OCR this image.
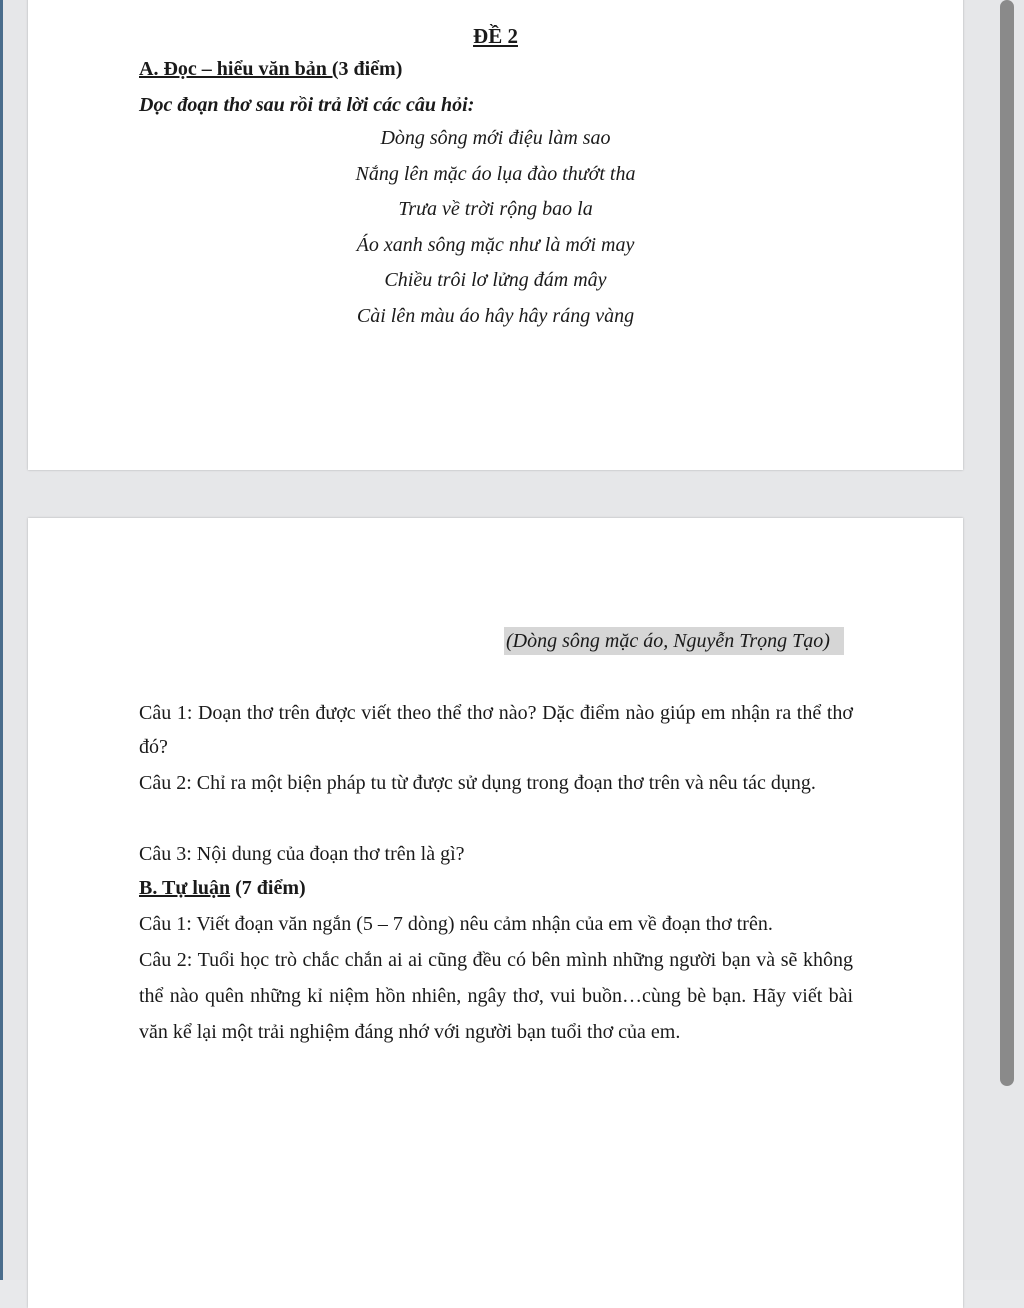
ĐỀ 2
A. Đọc – hiểu văn bản (3 điểm)
Dọc đoạn thơ sau rồi trả lời các câu hỏi:
Dòng sông mới điệu làm sao
Nắng lên mặc áo lụa đào thướt tha
Trưa về trời rộng bao la
Áo xanh sông mặc như là mới may
Chiều trôi lơ lửng đám mây
Cài lên màu áo hây hây ráng vàng
(Dòng sông mặc áo, Nguyễn Trọng Tạo)
Câu 1: Doạn thơ trên được viết theo thể thơ nào? Dặc điểm nào giúp em nhận ra thể thơ đó?
Câu 2: Chỉ ra một biện pháp tu từ được sử dụng trong đoạn thơ trên và nêu tác dụng.
Câu 3: Nội dung của đoạn thơ trên là gì?
B. Tự luận (7 điểm)
Câu 1: Viết đoạn văn ngắn (5 – 7 dòng) nêu cảm nhận của em về đoạn thơ trên.
Câu 2: Tuổi học trò chắc chắn ai ai cũng đều có bên mình những người bạn và sẽ không thể nào quên những kỉ niệm hồn nhiên, ngây thơ, vui buồn…cùng bè bạn. Hãy viết bài văn kể lại một trải nghiệm đáng nhớ với người bạn tuổi thơ của em.
